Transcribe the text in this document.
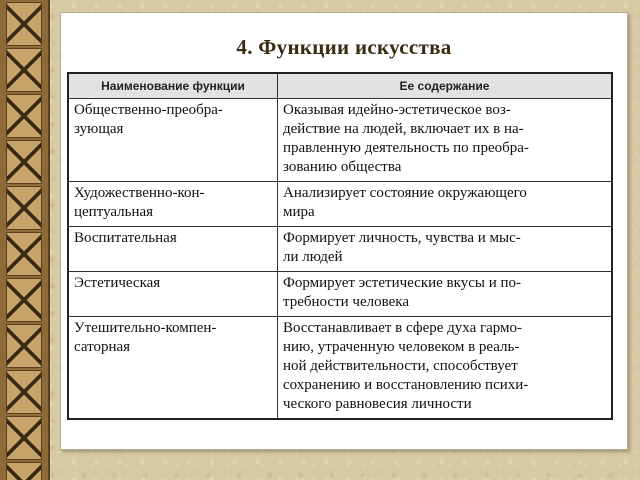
4. Функции искусства
Наименование функции	Ее содержание

Общественно-преобра-
зующая	Оказывая идейно-эстетическое воз-
действие на людей, включает их в на-
правленную деятельность по преобра-
зованию общества

Художественно-кон-
цептуальная	Анализирует состояние окружающего
мира

Воспитательная	Формирует личность, чувства и мыс-
ли людей

Эстетическая	Формирует эстетические вкусы и по-
требности человека

Утешительно-компен-
саторная	Восстанавливает в сфере духа гармо-
нию, утраченную человеком в реаль-
ной действительности, способствует
сохранению и восстановлению психи-
ческого равновесия личности
